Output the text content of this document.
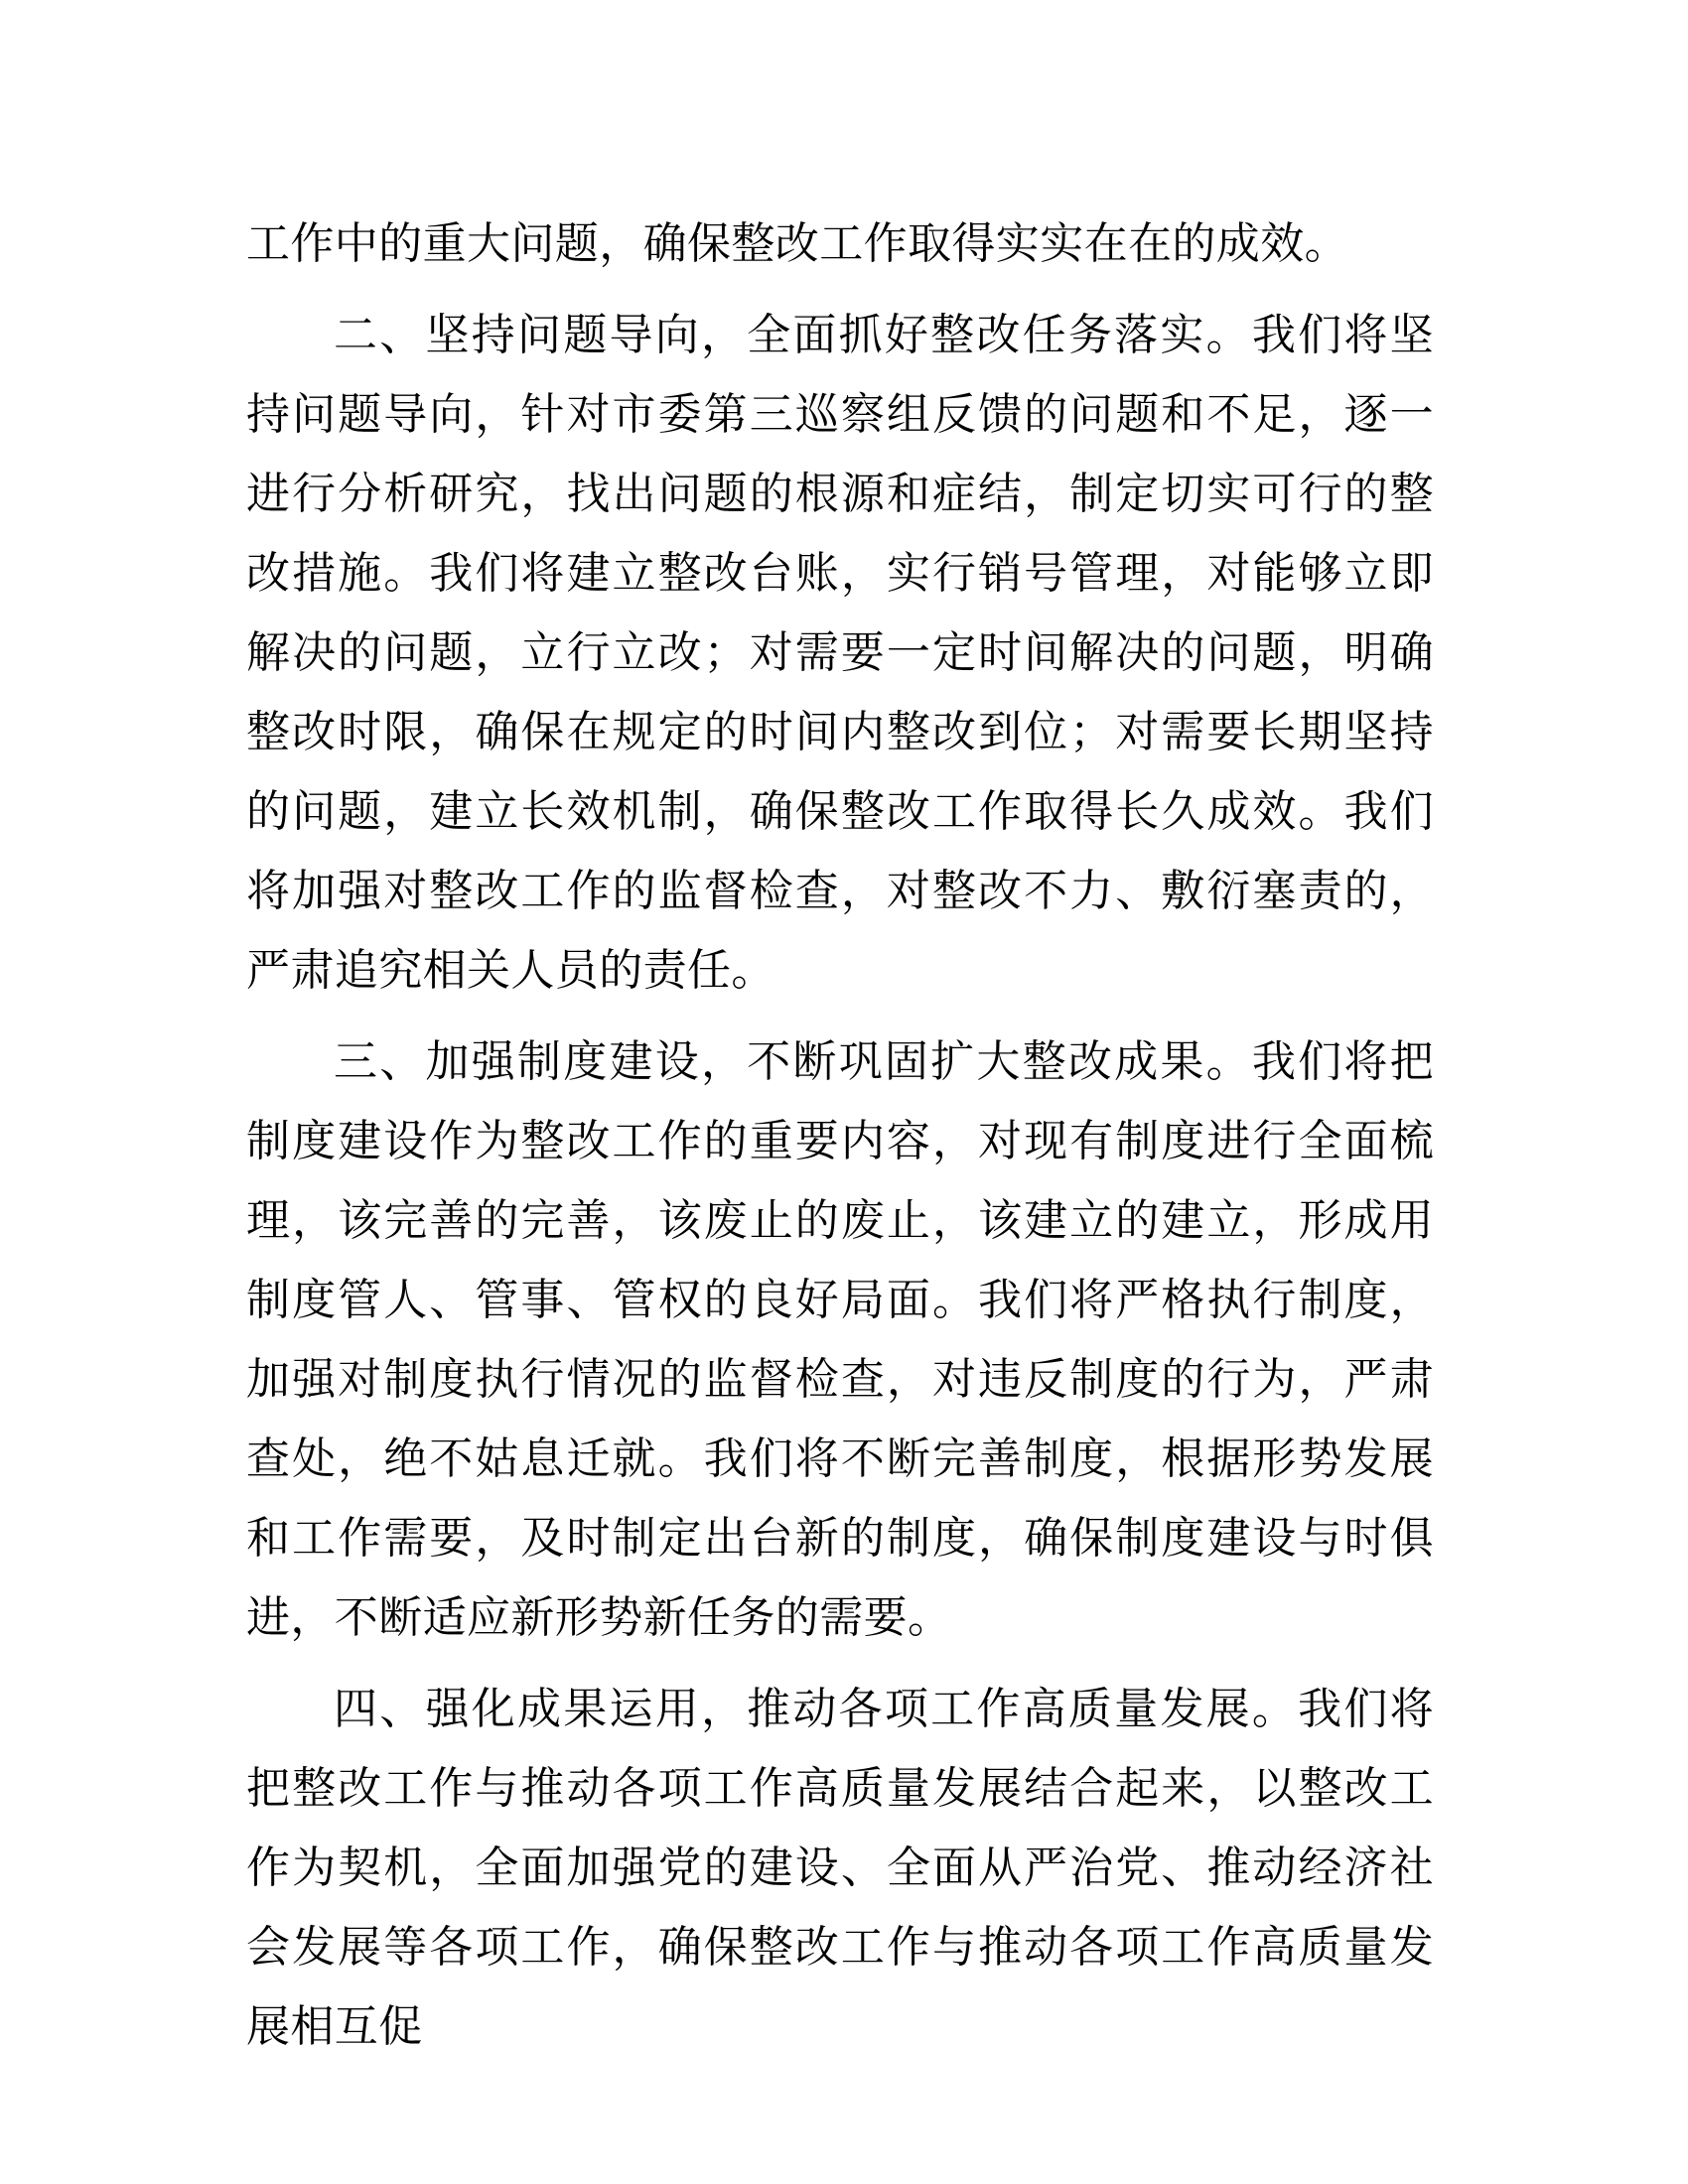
工作中的重大问题，确保整改工作取得实实在在的成效。

二、坚持问题导向，全面抓好整改任务落实。我们将坚持问题导向，针对市委第三巡察组反馈的问题和不足，逐一进行分析研究，找出问题的根源和症结，制定切实可行的整改措施。我们将建立整改台账，实行销号管理，对能够立即解决的问题，立行立改；对需要一定时间解决的问题，明确整改时限，确保在规定的时间内整改到位；对需要长期坚持的问题，建立长效机制，确保整改工作取得长久成效。我们将加强对整改工作的监督检查，对整改不力、敷衍塞责的，严肃追究相关人员的责任。

三、加强制度建设，不断巩固扩大整改成果。我们将把制度建设作为整改工作的重要内容，对现有制度进行全面梳理，该完善的完善，该废止的废止，该建立的建立，形成用制度管人、管事、管权的良好局面。我们将严格执行制度，加强对制度执行情况的监督检查，对违反制度的行为，严肃查处，绝不姑息迁就。我们将不断完善制度，根据形势发展和工作需要，及时制定出台新的制度，确保制度建设与时俱进，不断适应新形势新任务的需要。

四、强化成果运用，推动各项工作高质量发展。我们将把整改工作与推动各项工作高质量发展结合起来，以整改工作为契机，全面加强党的建设、全面从严治党、推动经济社会发展等各项工作，确保整改工作与推动各项工作高质量发展相互促
